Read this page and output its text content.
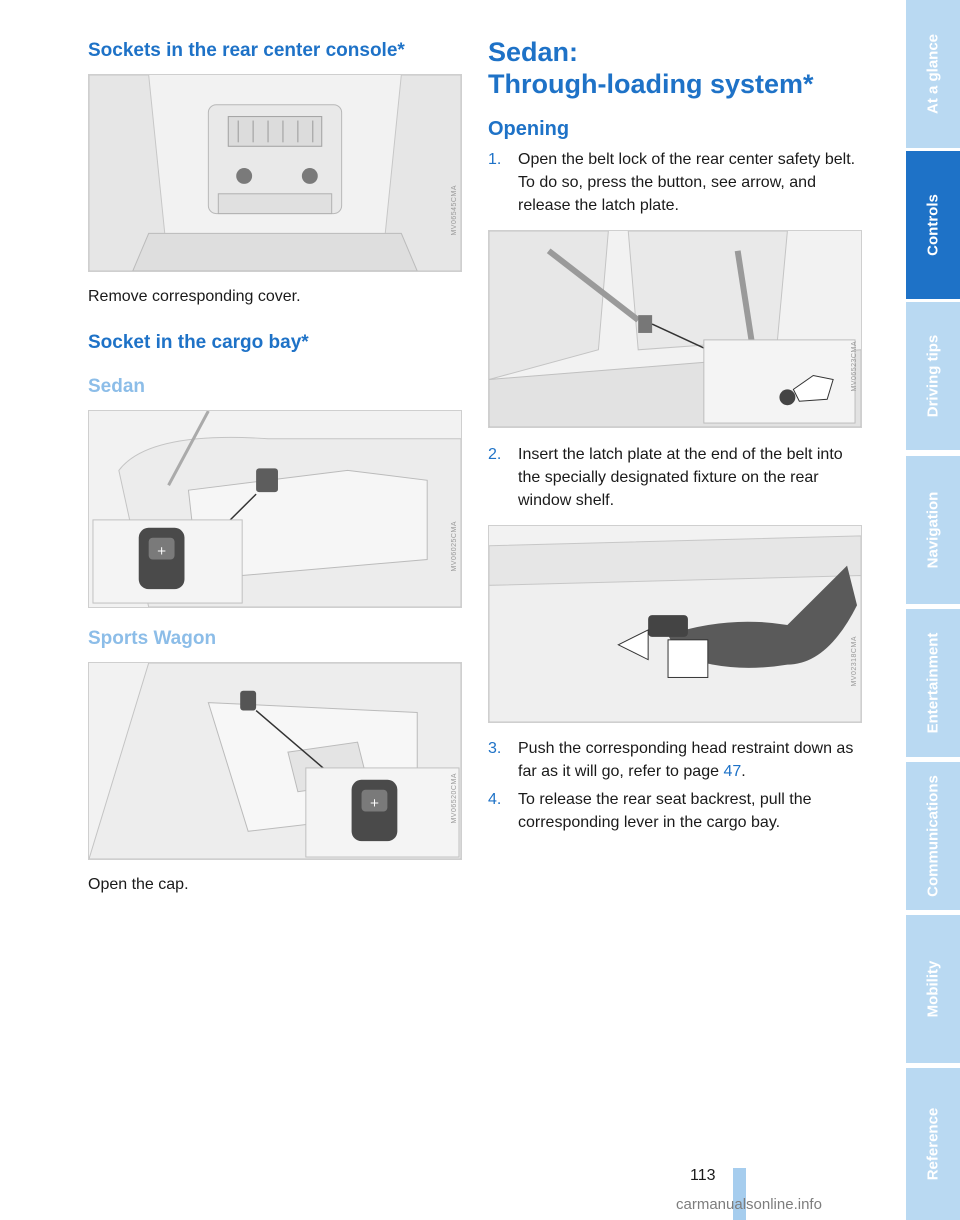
Sockets in the rear center console*
MV06545CMA
Remove corresponding cover.
Socket in the cargo bay*
Sedan
+	MV06025CMA
Sports Wagon
+	MV06520CMA
Open the cap.
Sedan:
Through-loading system*
Opening
1.	Open the belt lock of the rear center safety belt. To do so, press the button, see arrow, and release the latch plate.
MV06523CMA
2.	Insert the latch plate at the end of the belt into the specially designated fixture on the rear window shelf.
MV02318CMA
3.	Push the corresponding head restraint down as far as it will go, refer to page 47.
4.	To release the rear seat backrest, pull the corresponding lever in the cargo bay.
113
At a glance
Controls
Driving tips
Navigation
Entertainment
Communications
Mobility
Reference
carmanualsonline.info
